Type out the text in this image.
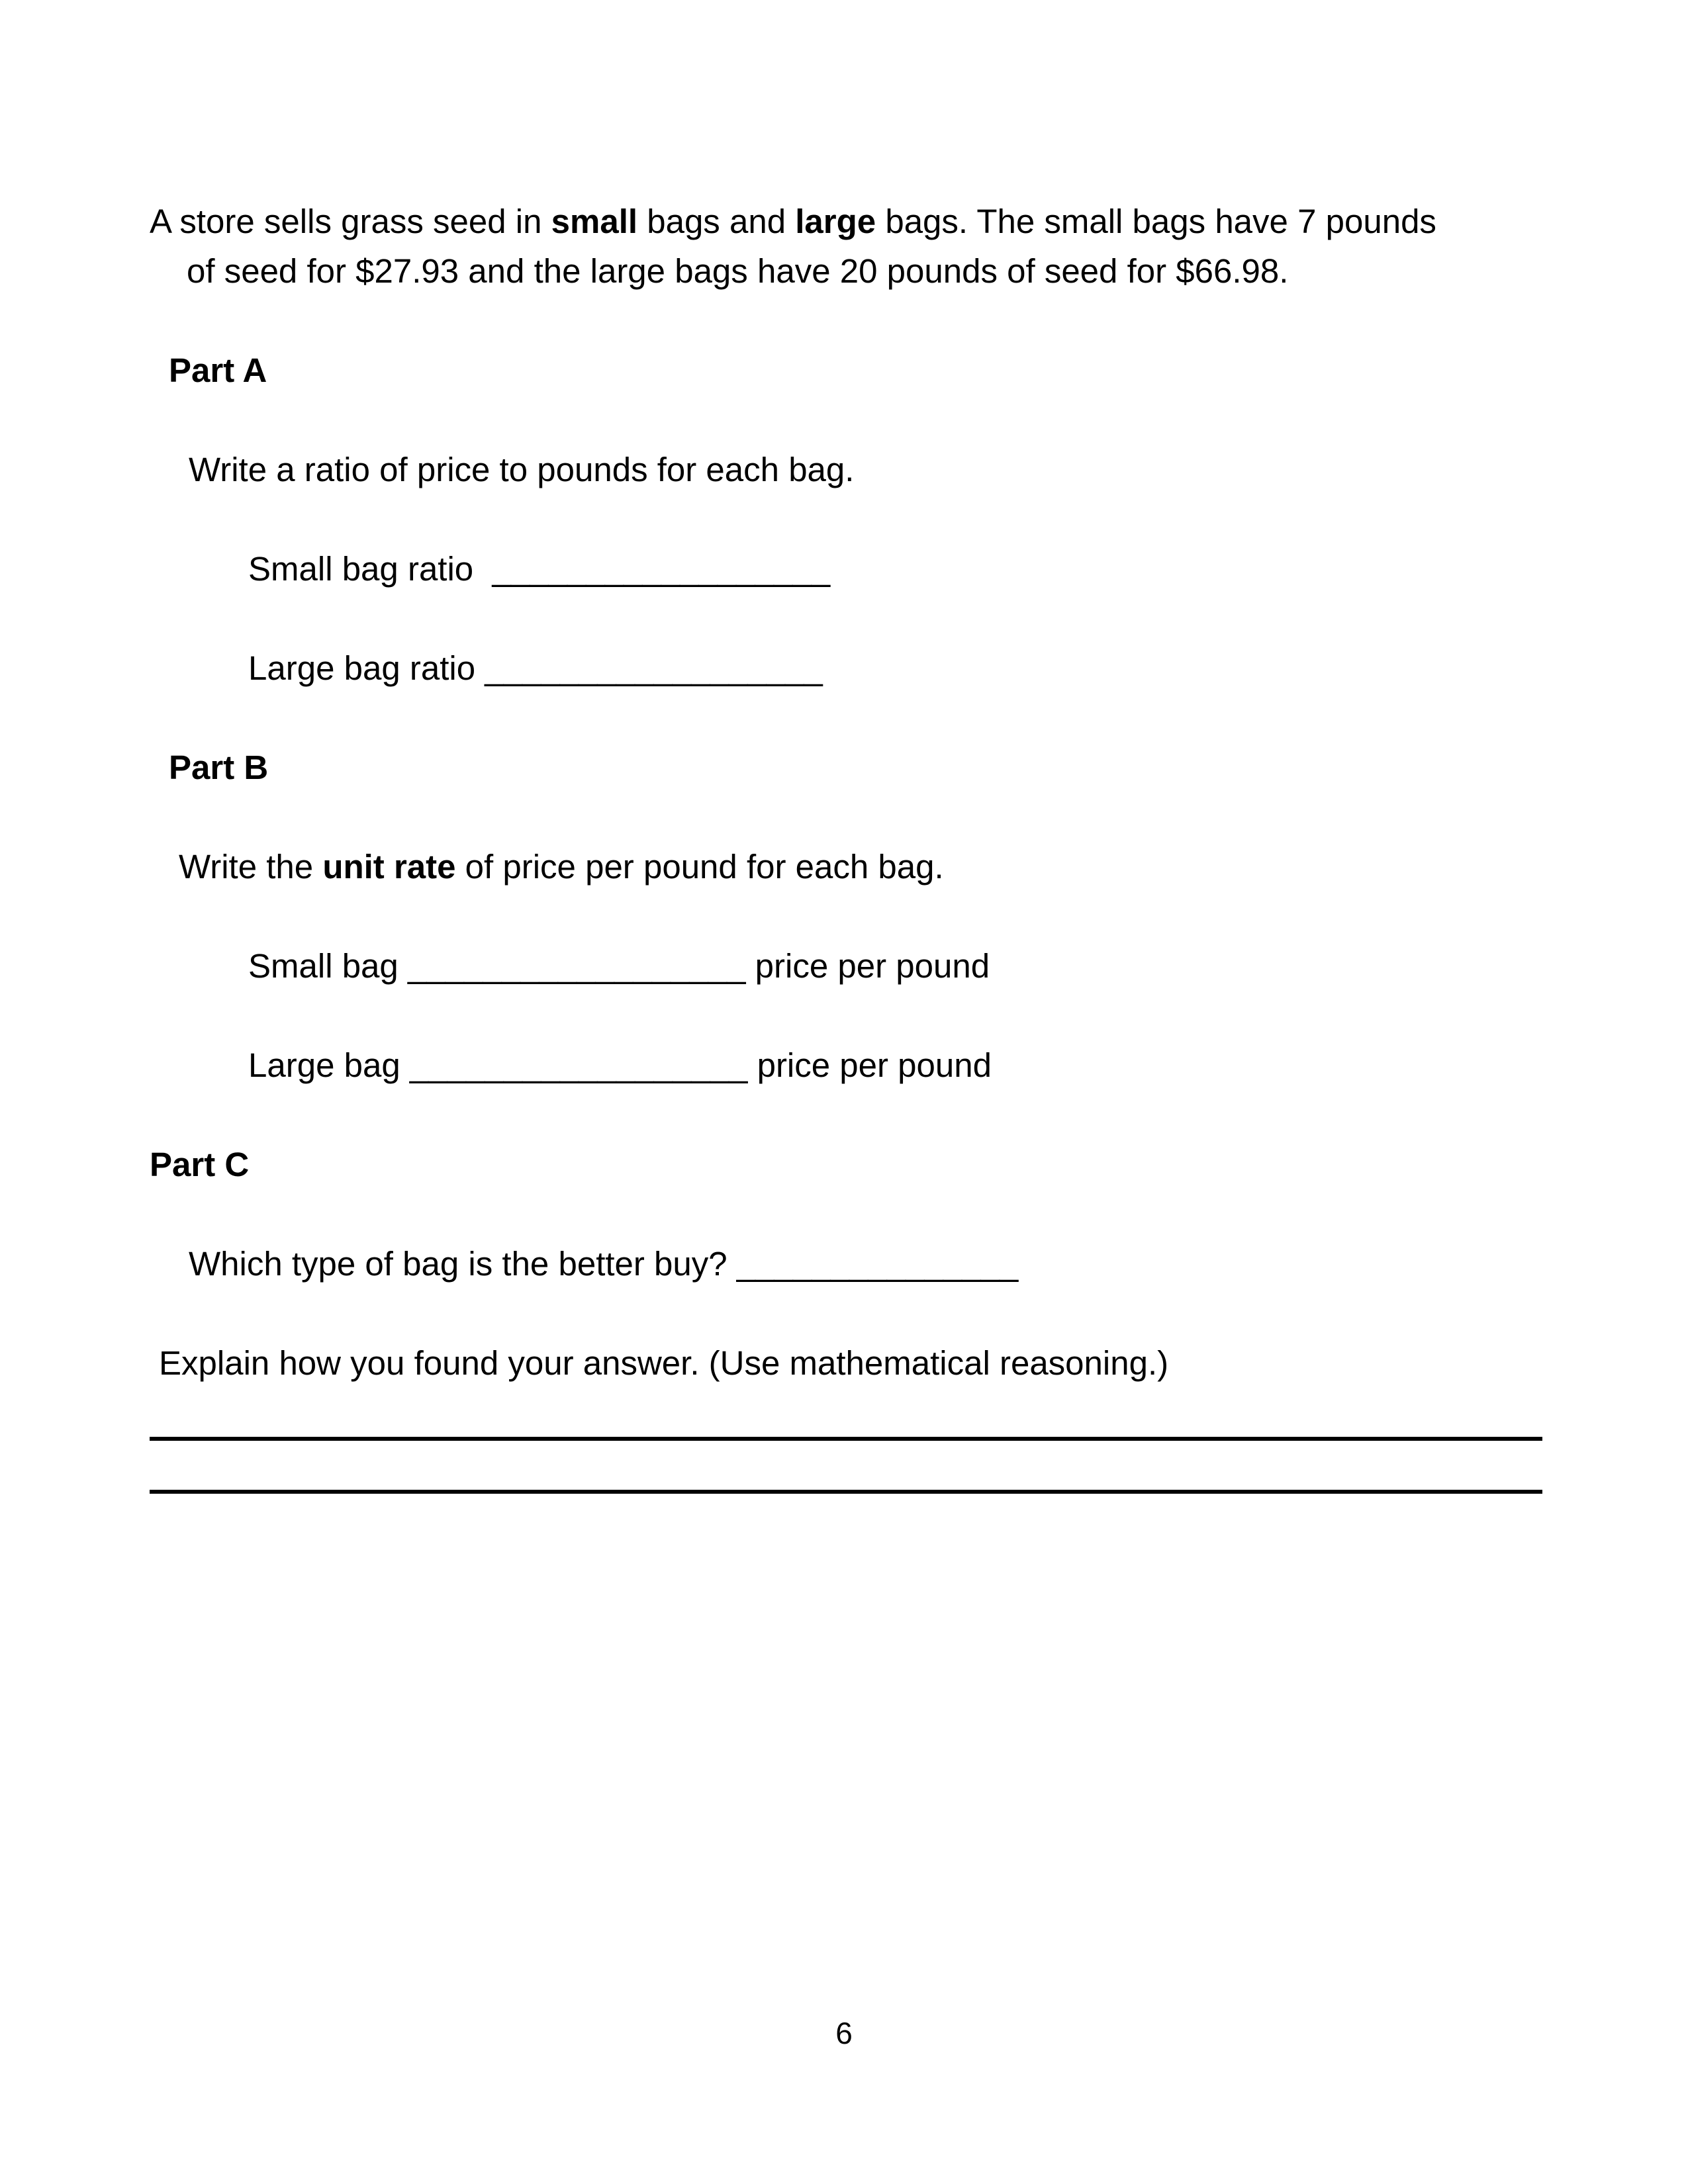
A store sells grass seed in small bags and large bags. The small bags have 7 pounds
of seed for $27.93 and the large bags have 20 pounds of seed for $66.98.
Part A
Write a ratio of price to pounds for each bag.
Small bag ratio  __________________
Large bag ratio __________________
Part B
Write the unit rate of price per pound for each bag.
Small bag __________________ price per pound
Large bag __________________ price per pound
Part C
Which type of bag is the better buy? _______________
Explain how you found your answer. (Use mathematical reasoning.)
6
